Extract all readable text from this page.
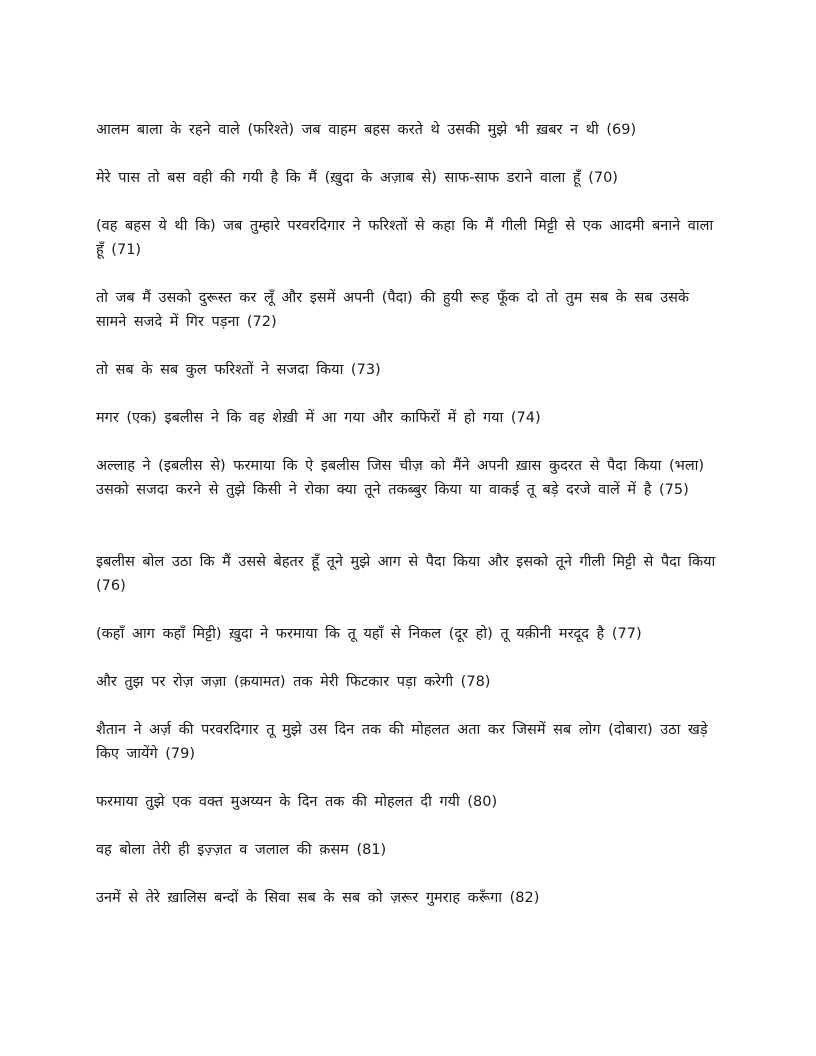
आलम बाला के रहने वाले (फरिश्ते) जब वाहम बहस करते थे उसकी मुझे भी ख़बर न थी (69)

मेरे पास तो बस वही की गयी है कि मैं (ख़ुदा के अज़ाब से) साफ-साफ डराने वाला हूँ (70)

(वह बहस ये थी कि) जब तुम्हारे परवरदिगार ने फरिश्तों से कहा कि मैं गीली मिट्टी से एक आदमी बनाने वाला हूँ (71)

तो जब मैं उसको दुरूस्त कर लूँ और इसमें अपनी (पैदा) की हुयी रूह फूँक दो तो तुम सब के सब उसके सामने सजदे में गिर पड़ना (72)

तो सब के सब कुल फरिश्तों ने सजदा किया (73)

मगर (एक) इबलीस ने कि वह शेख़ी में आ गया और काफिरों में हो गया (74)

अल्लाह ने (इबलीस से) फरमाया कि ऐ इबलीस जिस चीज़ को मैंने अपनी ख़ास कुदरत से पैदा किया (भला) उसको सजदा करने से तुझे किसी ने रोका क्या तूने तकब्बुर किया या वाकई तू बड़े दरजे वालें में है (75)

इबलीस बोल उठा कि मैं उससे बेहतर हूँ तूने मुझे आग से पैदा किया और इसको तूने गीली मिट्टी से पैदा किया (76)

(कहाँ आग कहाँ मिट्टी) ख़ुदा ने फरमाया कि तू यहाँ से निकल (दूर हो) तू यक़ीनी मरदूद है (77)

और तुझ पर रोज़ जज़ा (क़यामत) तक मेरी फिटकार पड़ा करेगी (78)

शैतान ने अर्ज़ की परवरदिगार तू मुझे उस दिन तक की मोहलत अता कर जिसमें सब लोग (दोबारा) उठा खड़े किए जायेंगे (79)

फरमाया तुझे एक वक्त मुअय्यन के दिन तक की मोहलत दी गयी (80)

वह बोला तेरी ही इज़्ज़त व जलाल की क़सम (81)

उनमें से तेरे ख़ालिस बन्दों के सिवा सब के सब को ज़रूर गुमराह करूँगा (82)
